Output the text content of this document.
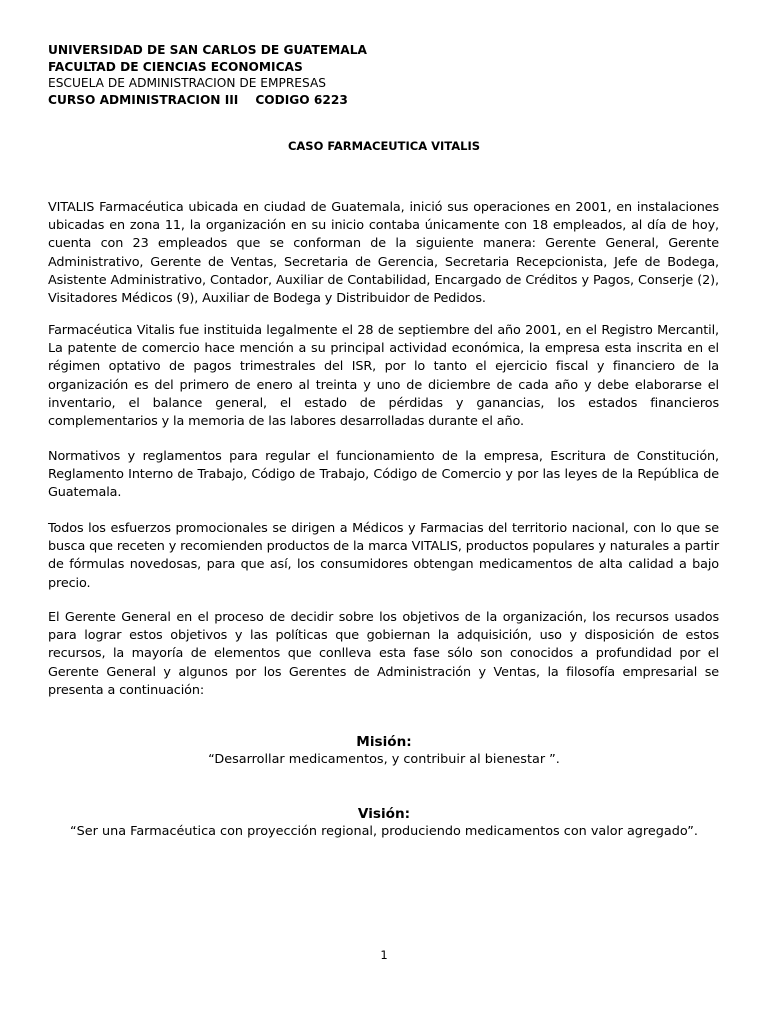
UNIVERSIDAD DE SAN CARLOS DE GUATEMALA
FACULTAD DE CIENCIAS ECONOMICAS
ESCUELA DE ADMINISTRACION DE EMPRESAS
CURSO ADMINISTRACION III    CODIGO 6223
CASO FARMACEUTICA VITALIS

VITALIS Farmacéutica ubicada en ciudad de Guatemala, inició sus operaciones en 2001, en instalaciones ubicadas en zona 11, la organización en su inicio contaba únicamente con 18 empleados, al día de hoy, cuenta con 23 empleados que se conforman de la siguiente manera: Gerente General, Gerente Administrativo, Gerente de Ventas, Secretaria de Gerencia, Secretaria Recepcionista, Jefe de Bodega, Asistente Administrativo, Contador, Auxiliar de Contabilidad, Encargado de Créditos y Pagos, Conserje (2), Visitadores Médicos (9), Auxiliar de Bodega y Distribuidor de Pedidos.

Farmacéutica Vitalis fue instituida legalmente el 28 de septiembre del año 2001, en el Registro Mercantil, La patente de comercio hace mención a su principal actividad económica, la empresa esta inscrita en el régimen optativo de pagos trimestrales del ISR, por lo tanto el ejercicio fiscal y financiero de la organización es del primero de enero al treinta y uno de diciembre de cada año y debe elaborarse el inventario, el balance general, el estado de pérdidas y ganancias, los estados financieros complementarios y la memoria de las labores desarrolladas durante el año.

Normativos y reglamentos para regular el funcionamiento de la empresa, Escritura de Constitución, Reglamento Interno de Trabajo, Código de Trabajo, Código de Comercio y por las leyes de la República de Guatemala.

Todos los esfuerzos promocionales se dirigen a Médicos y Farmacias del territorio nacional, con lo que se busca que receten y recomienden productos de la marca VITALIS, productos populares y naturales a partir de fórmulas novedosas, para que así, los consumidores obtengan medicamentos de alta calidad a bajo precio.

El Gerente General en el proceso de decidir sobre los objetivos de la organización, los recursos usados para lograr estos objetivos y las políticas que gobiernan la adquisición, uso y disposición de estos recursos, la mayoría de elementos que conlleva esta fase sólo son conocidos a profundidad por el Gerente General y algunos por los Gerentes de Administración y Ventas, la filosofía empresarial se presenta a continuación:

Misión:
“Desarrollar medicamentos, y contribuir al bienestar ”.
Visión:
“Ser una Farmacéutica con proyección regional, produciendo medicamentos con valor agregado”.
1
